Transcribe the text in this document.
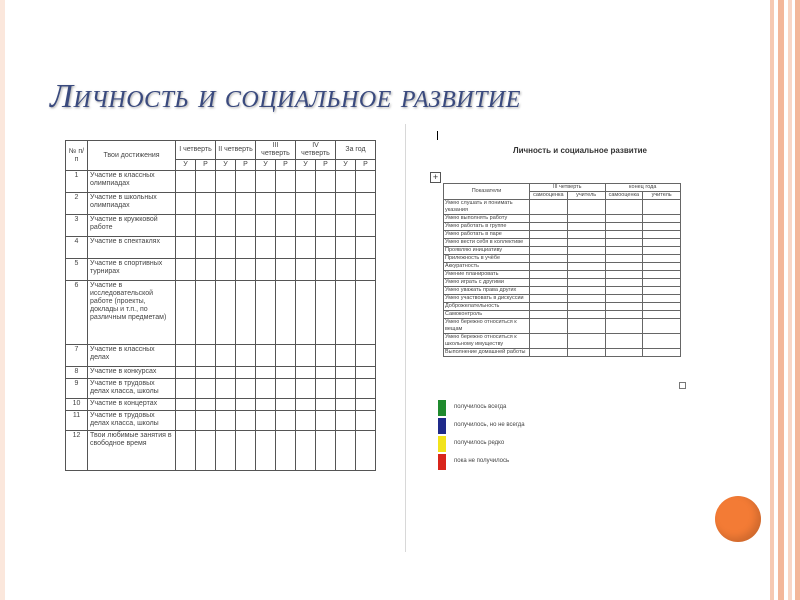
Личность и социальное развитие
№ п/п	Твои достижения	I четверть		II четверть		III четверть		IV четверть		За год	
		У	Р	У	Р	У	Р	У	Р	У	Р
1	Участие в классных олимпиадах										
2	Участие в школьных олимпиадах										
3	Участие в кружковой работе										
4	Участие в спектаклях										
5	Участие в спортивных турнирах										
6	Участие в исследовательской работе (проекты, доклады и т.п., по различным предметам)										
7	Участие в классных делах										
8	Участие в конкурсах										
9	Участие в трудовых делах класса, школы										
10	Участие в концертах										
11	Участие в трудовых делах класса, школы										
12	Твои любимые занятия в свободное время										
Личность и социальное развитие
+
Показатели	III четверть		конец года	
	самооценка	учитель	самооценка	учитель
Умею слушать и понимать указания				
Умею выполнять работу				
Умею работать в группе				
Умею работать в паре				
Умею вести себя в коллективе				
Проявляю инициативу				
Прилежность в учёбе				
Аккуратность				
Умение планировать				
Умею играть с другими				
Умею уважать права других				
Умею участвовать в дискуссии				
Доброжелательность				
Самоконтроль				
Умею бережно относиться к вещам				
Умею бережно относиться к школьному имуществу				
Выполнение домашней работы				
получилось всегда
получилось, но не всегда
получилось редко
пока не получилось
